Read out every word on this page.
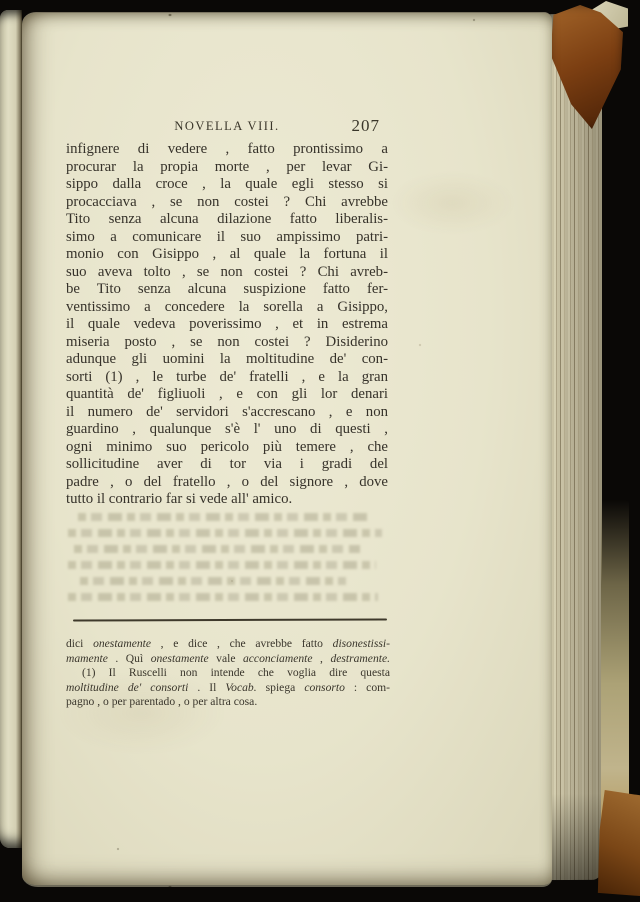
NOVELLA VIII.	207
infignere di vedere , fatto prontissimo a
procurar la propia morte , per levar Gi-
sippo dalla croce , la quale egli stesso si
procacciava , se non costei ? Chi avrebbe
Tito senza alcuna dilazione fatto liberalis-
simo a comunicare il suo ampissimo patri-
monio con Gisippo , al quale la fortuna il
suo aveva tolto , se non costei ? Chi avreb-
be Tito senza alcuna suspizione fatto fer-
ventissimo a concedere la sorella a Gisippo,
il quale vedeva poverissimo , et in estrema
miseria posto , se non costei ? Disiderino
adunque gli uomini la moltitudine de' con-
sorti (1) , le turbe de' fratelli , e la gran
quantità de' figliuoli , e con gli lor denari
il numero de' servidori s'accrescano , e non
guardino , qualunque s'è l' uno di questi ,
ogni minimo suo pericolo più temere , che
sollicitudine aver di tor via i gradi del
padre , o del fratello , o del signore , dove
tutto il contrario far si vede all' amico.
dici onestamente , e dice , che avrebbe fatto disonestissi-
mamente . Quì onestamente vale acconciamente , destramente.
(1) Il Ruscelli non intende che voglia dire questa
moltitudine de' consorti . Il Vocab. spiega consorto : com-
pagno , o per parentado , o per altra cosa.
